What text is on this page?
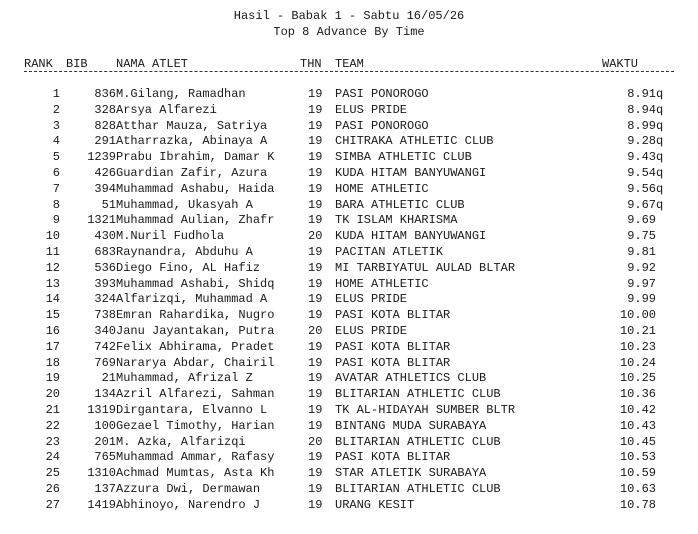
Hasil - Babak 1 - Sabtu 16/05/26
Top 8 Advance By Time
RANK BIB NAMA ATLET	THN TEAM	WAKTU
1	836 M.Gilang, Ramadhan	19	PASI PONOROGO	8.91 q
2	328 Arsya Alfarezi	19	ELUS PRIDE	8.94 q
3	828 Atthar Mauza, Satriya	19	PASI PONOROGO	8.99 q
4	291 Atharrazka, Abinaya A	19	CHITRAKA ATHLETIC CLUB	9.28 q
5	1239 Prabu Ibrahim, Damar K	19	SIMBA ATHLETIC CLUB	9.43 q
6	426 Guardian Zafir, Azura	19	KUDA HITAM BANYUWANGI	9.54 q
7	394 Muhammad Ashabu, Haida	19	HOME ATHLETIC	9.56 q
8	51 Muhammad, Ukasyah A	19	BARA ATHLETIC CLUB	9.67 q
9	1321 Muhammad Aulian, Zhafr	19	TK ISLAM KHARISMA	9.69
10	430 M.Nuril Fudhola	20	KUDA HITAM BANYUWANGI	9.75
11	683 Raynandra, Abduhu A	19	PACITAN ATLETIK	9.81
12	536 Diego Fino, AL Hafiz	19	MI TARBIYATUL AULAD BLTAR	9.92
13	393 Muhammad Ashabi, Shidq	19	HOME ATHLETIC	9.97
14	324 Alfarizqi, Muhammad A	19	ELUS PRIDE	9.99
15	738 Emran Rahardika, Nugro	19	PASI KOTA BLITAR	10.00
16	340 Janu Jayantakan, Putra	20	ELUS PRIDE	10.21
17	742 Felix Abhirama, Pradet	19	PASI KOTA BLITAR	10.23
18	769 Nararya Abdar, Chairil	19	PASI KOTA BLITAR	10.24
19	21 Muhammad, Afrizal Z	19	AVATAR ATHLETICS CLUB	10.25
20	134 Azril Alfarezi, Sahman	19	BLITARIAN ATHLETIC CLUB	10.36
21	1319 Dirgantara, Elvanno L	19	TK AL-HIDAYAH SUMBER BLTR	10.42
22	100 Gezael Timothy, Harian	19	BINTANG MUDA SURABAYA	10.43
23	201 M. Azka, Alfarizqi	20	BLITARIAN ATHLETIC CLUB	10.45
24	765 Muhammad Ammar, Rafasy	19	PASI KOTA BLITAR	10.53
25	1310 Achmad Mumtas, Asta Kh	19	STAR ATLETIK SURABAYA	10.59
26	137 Azzura Dwi, Dermawan	19	BLITARIAN ATHLETIC CLUB	10.63
27	1419 Abhinoyo, Narendro J	19	URANG KESIT	10.78
